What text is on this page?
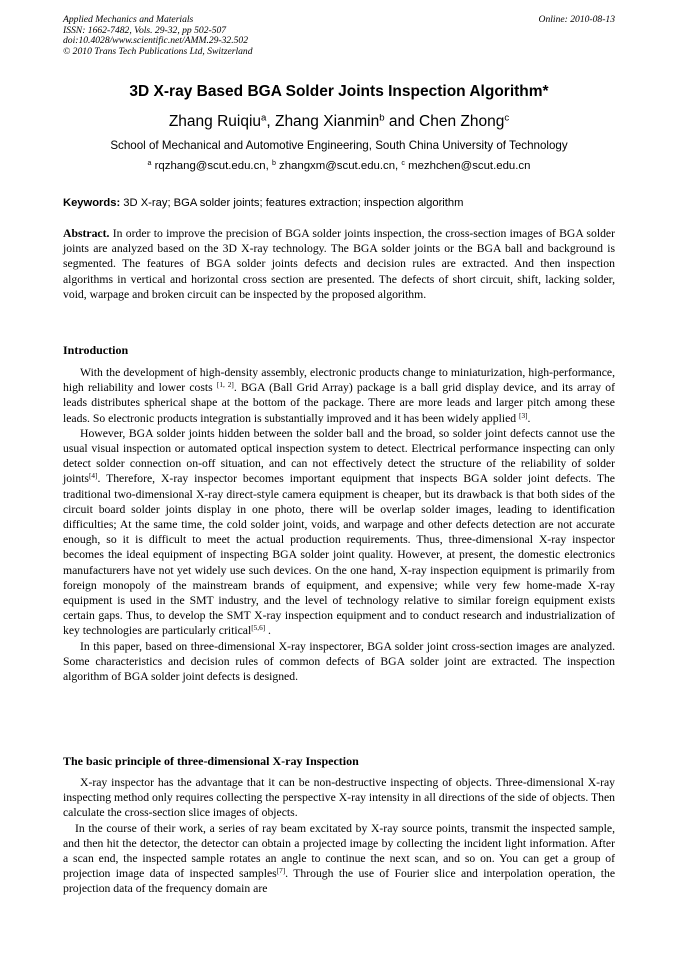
Applied Mechanics and Materials
ISSN: 1662-7482, Vols. 29-32, pp 502-507
doi:10.4028/www.scientific.net/AMM.29-32.502
© 2010 Trans Tech Publications Ltd, Switzerland
Online: 2010-08-13
3D X-ray Based BGA Solder Joints Inspection Algorithm*
Zhang Ruiqiu$^a$, Zhang Xianmin$^b$ and Chen Zhong$^c$
School of Mechanical and Automotive Engineering, South China University of Technology
$^a$ rqzhang@scut.edu.cn, $^b$ zhangxm@scut.edu.cn, $^c$ mezhchen@scut.edu.cn
Keywords: 3D X-ray; BGA solder joints; features extraction; inspection algorithm

Abstract. In order to improve the precision of BGA solder joints inspection, the cross-section images of BGA solder joints are analyzed based on the 3D X-ray technology. The BGA solder joints or the BGA ball and background is segmented. The features of BGA solder joints defects and decision rules are extracted. And then inspection algorithms in vertical and horizontal cross section are presented. The defects of short circuit, shift, lacking solder, void, warpage and broken circuit can be inspected by the proposed algorithm.

Introduction

With the development of high-density assembly, electronic products change to miniaturization, high-performance, high reliability and lower costs [1, 2]. BGA (Ball Grid Array) package is a ball grid display device, and its array of leads distributes spherical shape at the bottom of the package. There are more leads and larger pitch among these leads. So electronic products integration is substantially improved and it has been widely applied [3].

However, BGA solder joints hidden between the solder ball and the broad, so solder joint defects cannot use the usual visual inspection or automated optical inspection system to detect. Electrical performance inspecting can only detect solder connection on-off situation, and can not effectively detect the structure of the reliability of solder joints[4]. Therefore, X-ray inspector becomes important equipment that inspects BGA solder joint defects. The traditional two-dimensional X-ray direct-style camera equipment is cheaper, but its drawback is that both sides of the circuit board solder joints display in one photo, there will be overlap solder images, leading to identification difficulties; At the same time, the cold solder joint, voids, and warpage and other defects detection are not accurate enough, so it is difficult to meet the actual production requirements. Thus, three-dimensional X-ray inspector becomes the ideal equipment of inspecting BGA solder joint quality. However, at present, the domestic electronics manufacturers have not yet widely use such devices. On the one hand, X-ray inspection equipment is primarily from foreign monopoly of the mainstream brands of equipment, and expensive; while very few home-made X-ray equipment is used in the SMT industry, and the level of technology relative to similar foreign equipment exists certain gaps. Thus, to develop the SMT X-ray inspection equipment and to conduct research and industrialization of key technologies are particularly critical[5,6] .

In this paper, based on three-dimensional X-ray inspectorer, BGA solder joint cross-section images are analyzed. Some characteristics and decision rules of common defects of BGA solder joint are extracted. The inspection algorithm of BGA solder joint defects is designed.

The basic principle of three-dimensional X-ray Inspection

X-ray inspector has the advantage that it can be non-destructive inspecting of objects. Three-dimensional X-ray inspecting method only requires collecting the perspective X-ray intensity in all directions of the side of objects. Then calculate the cross-section slice images of objects.

In the course of their work, a series of ray beam excitated by X-ray source points, transmit the inspected sample, and then hit the detector, the detector can obtain a projected image by collecting the incident light information. After a scan end, the inspected sample rotates an angle to continue the next scan, and so on. You can get a group of projection image data of inspected samples[7]. Through the use of Fourier slice and interpolation operation, the projection data of the frequency domain are
